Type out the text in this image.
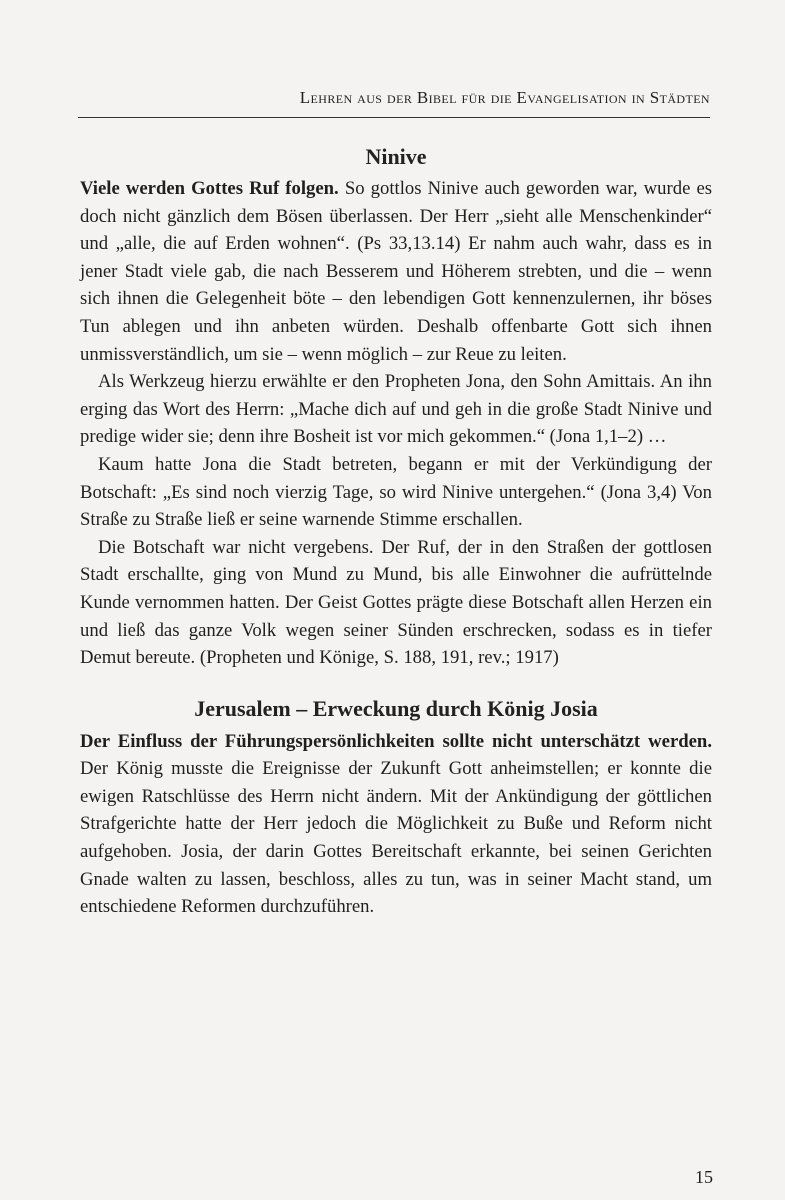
Lehren aus der Bibel für die Evangelisation in Städten
Ninive

Viele werden Gottes Ruf folgen. So gottlos Ninive auch geworden war, wurde es doch nicht gänzlich dem Bösen überlassen. Der Herr „sieht alle Menschenkinder“ und „alle, die auf Erden wohnen“. (Ps 33,13.14) Er nahm auch wahr, dass es in jener Stadt viele gab, die nach Besserem und Höherem strebten, und die – wenn sich ihnen die Gelegenheit böte – den lebendigen Gott kennenzulernen, ihr böses Tun ablegen und ihn anbeten würden. Deshalb offenbarte Gott sich ihnen unmissverständlich, um sie – wenn möglich – zur Reue zu leiten.

Als Werkzeug hierzu erwählte er den Propheten Jona, den Sohn Amittais. An ihn erging das Wort des Herrn: „Mache dich auf und geh in die große Stadt Ninive und predige wider sie; denn ihre Bosheit ist vor mich gekommen.“ (Jona 1,1–2) …

Kaum hatte Jona die Stadt betreten, begann er mit der Verkündigung der Botschaft: „Es sind noch vierzig Tage, so wird Ninive untergehen.“ (Jona 3,4) Von Straße zu Straße ließ er seine warnende Stimme erschallen.

Die Botschaft war nicht vergebens. Der Ruf, der in den Straßen der gottlosen Stadt erschallte, ging von Mund zu Mund, bis alle Einwohner die aufrüttelnde Kunde vernommen hatten. Der Geist Gottes prägte diese Botschaft allen Herzen ein und ließ das ganze Volk wegen seiner Sünden erschrecken, sodass es in tiefer Demut bereute. (Propheten und Könige, S. 188, 191, rev.; 1917)

Jerusalem – Erweckung durch König Josia

Der Einfluss der Führungspersönlichkeiten sollte nicht unterschätzt werden. Der König musste die Ereignisse der Zukunft Gott anheimstellen; er konnte die ewigen Ratschlüsse des Herrn nicht ändern. Mit der Ankündigung der göttlichen Strafgerichte hatte der Herr jedoch die Möglichkeit zu Buße und Reform nicht aufgehoben. Josia, der darin Gottes Bereitschaft erkannte, bei seinen Gerichten Gnade walten zu lassen, beschloss, alles zu tun, was in seiner Macht stand, um entschiedene Reformen durchzuführen.

15
